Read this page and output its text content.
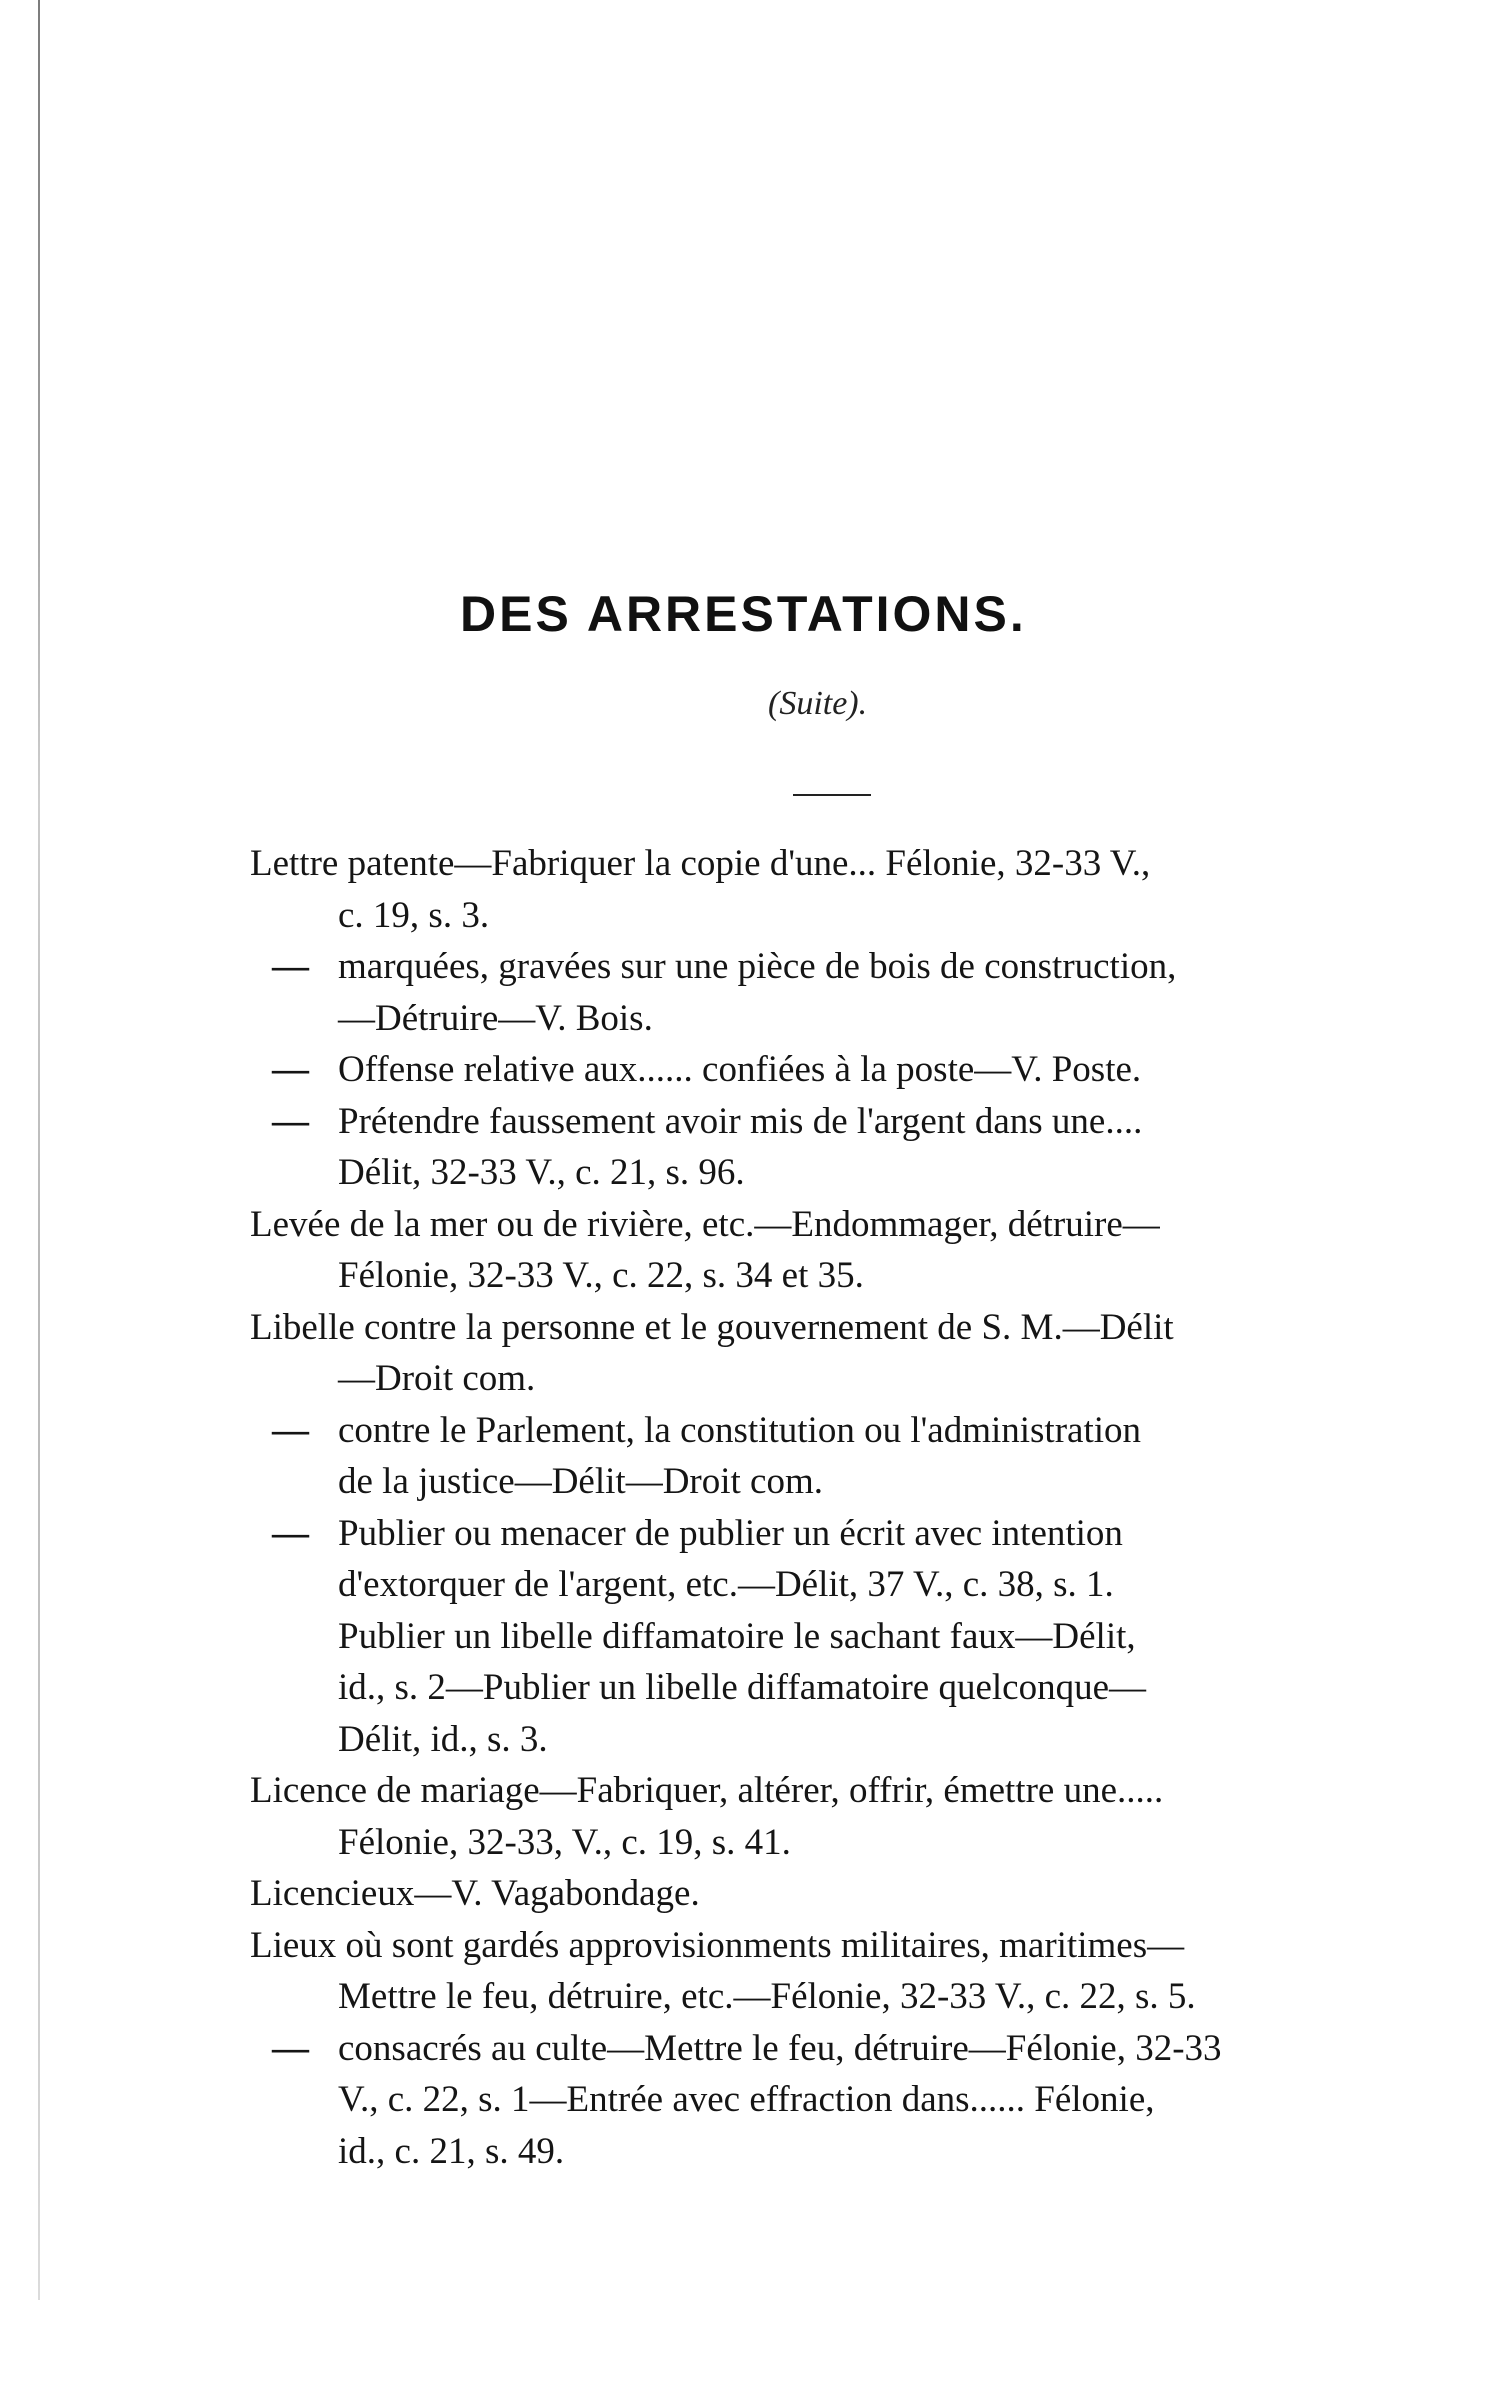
DES ARRESTATIONS.
(Suite).
Lettre patente—Fabriquer la copie d'une... Félonie, 32-33 V.,
c. 19, s. 3.
— marquées, gravées sur une pièce de bois de construction,
—Détruire—V. Bois.
— Offense relative aux...... confiées à la poste—V. Poste.
— Prétendre faussement avoir mis de l'argent dans une....
Délit, 32-33 V., c. 21, s. 96.
Levée de la mer ou de rivière, etc.—Endommager, détruire—
Félonie, 32-33 V., c. 22, s. 34 et 35.
Libelle contre la personne et le gouvernement de S. M.—Délit
—Droit com.
— contre le Parlement, la constitution ou l'administration
de la justice—Délit—Droit com.
— Publier ou menacer de publier un écrit avec intention
d'extorquer de l'argent, etc.—Délit, 37 V., c. 38, s. 1.
Publier un libelle diffamatoire le sachant faux—Délit,
id., s. 2—Publier un libelle diffamatoire quelconque—
Délit, id., s. 3.
Licence de mariage—Fabriquer, altérer, offrir, émettre une.....
Félonie, 32-33, V., c. 19, s. 41.
Licencieux—V. Vagabondage.
Lieux où sont gardés approvisionments militaires, maritimes—
Mettre le feu, détruire, etc.—Félonie, 32-33 V., c. 22, s. 5.
— consacrés au culte—Mettre le feu, détruire—Félonie, 32-33
V., c. 22, s. 1—Entrée avec effraction dans...... Félonie,
id., c. 21, s. 49.
